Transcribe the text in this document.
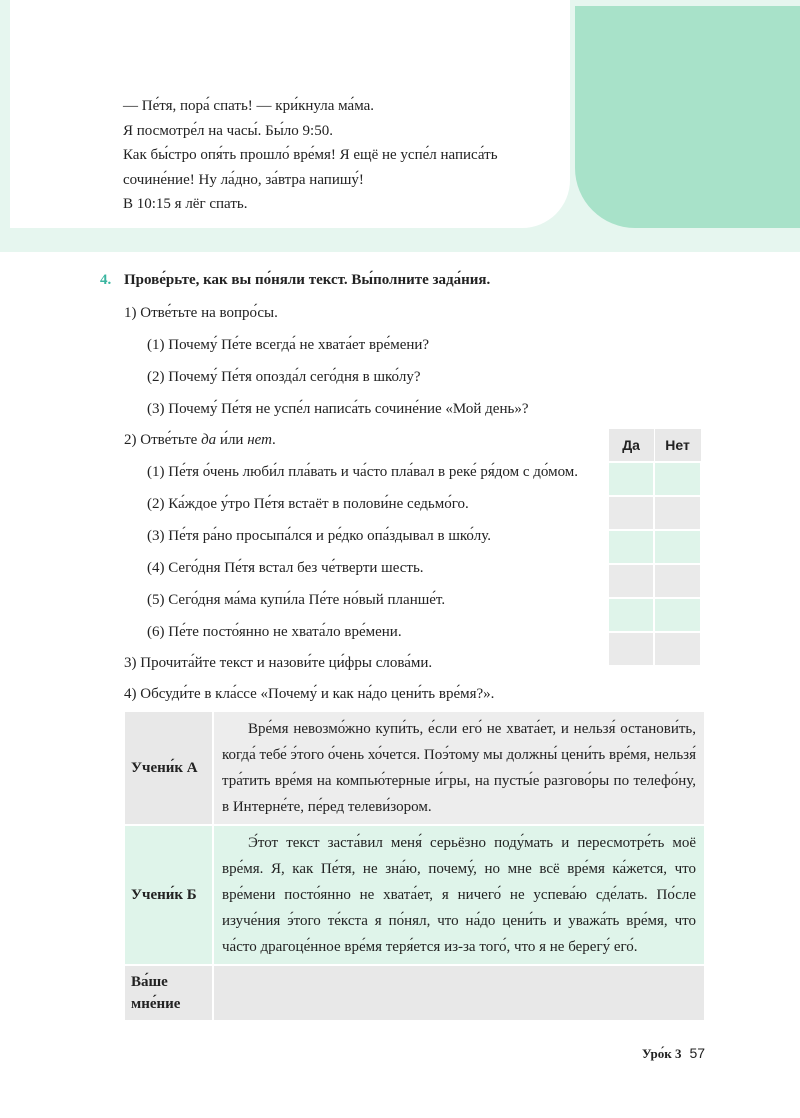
— Пе́тя, пора́ спать! — кри́кнула ма́ма.

Я посмотре́л на часы́. Бы́ло 9:50.

Как бы́стро опя́ть прошло́ вре́мя! Я ещё не успе́л написа́ть

сочине́ние! Ну ла́дно, за́втра напишу́!

В 10:15 я лёг спать.

4. Прове́рьте, как вы по́няли текст. Вы́полните зада́ния.
1) Отве́тьте на вопро́сы.
(1) Почему́ Пе́те всегда́ не хвата́ет вре́мени?
(2) Почему́ Пе́тя опозда́л сего́дня в шко́лу?
(3) Почему́ Пе́тя не успе́л написа́ть сочине́ние «Мой день»?
2) Отве́тьте да и́ли нет.
(1) Пе́тя о́чень люби́л пла́вать и ча́сто пла́вал в реке́ ря́дом с до́мом.
(2) Ка́ждое у́тро Пе́тя встаёт в полови́не седьмо́го.
(3) Пе́тя ра́но просыпа́лся и ре́дко опа́здывал в шко́лу.
(4) Сего́дня Пе́тя встал без че́тверти шесть.
(5) Сего́дня ма́ма купи́ла Пе́те но́вый планше́т.
(6) Пе́те посто́янно не хвата́ло вре́мени.
Да	Нет

3) Прочита́йте текст и назови́те ци́фры слова́ми.
4) Обсуди́те в кла́ссе «Почему́ и как на́до цени́ть вре́мя?».
Учени́к А	Вре́мя невозмо́жно купи́ть, е́сли его́ не хвата́ет, и нельзя́ останови́ть, когда́ тебе́ э́того о́чень хо́чется. Поэ́тому мы должны́ цени́ть вре́мя, нельзя́ тра́тить вре́мя на компью́терные и́гры, на пусты́е разгово́ры по телефо́ну, в Интерне́те, пе́ред телеви́зором.
Учени́к Б	Э́тот текст заста́вил меня́ серьёзно поду́мать и пересмотре́ть моё вре́мя. Я, как Пе́тя, не зна́ю, почему́, но мне всё вре́мя ка́жется, что вре́мени посто́янно не хвата́ет, я ничего́ не успева́ю сде́лать. По́сле изуче́ния э́того те́кста я по́нял, что на́до цени́ть и уважа́ть вре́мя, что ча́сто драгоце́нное вре́мя теря́ется из-за того́, что я не берегу́ его́.
Ва́ше мне́ние	
Уро́к 3 57
